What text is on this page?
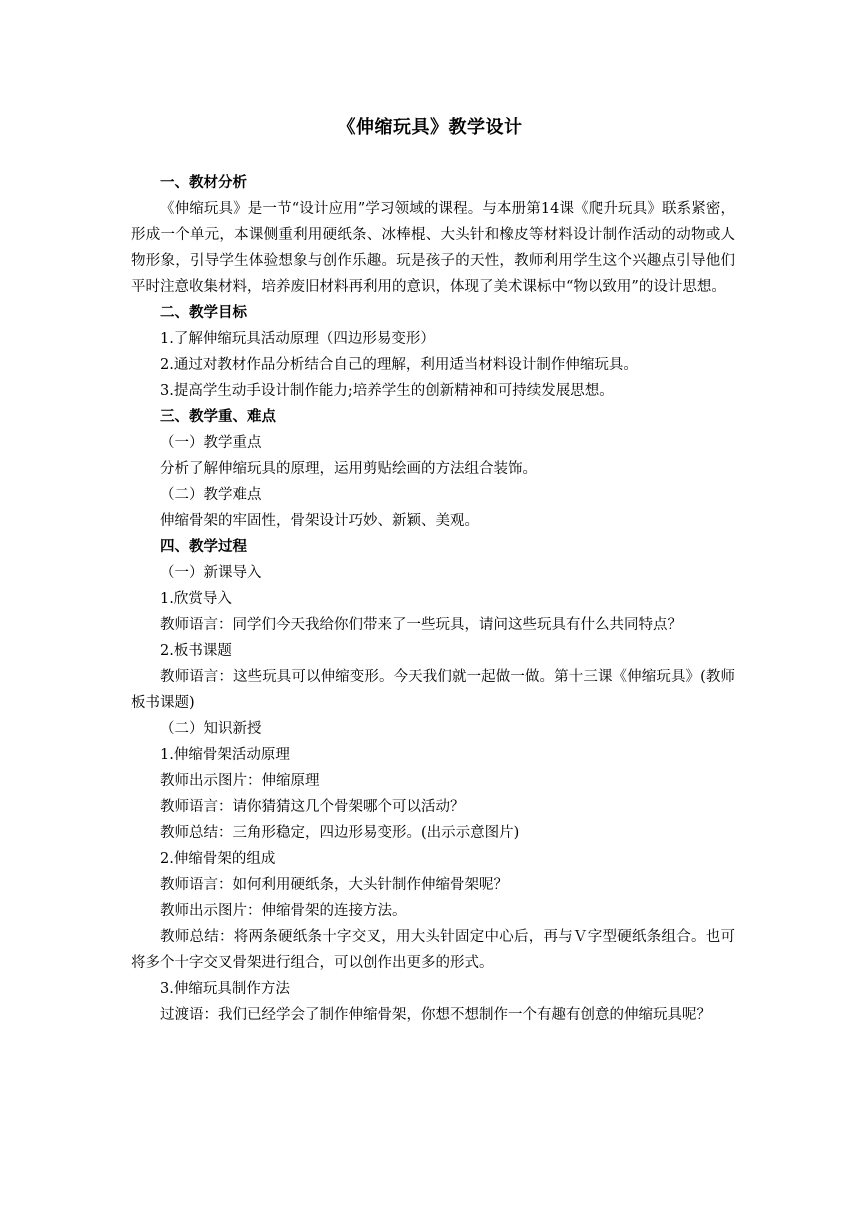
《伸缩玩具》教学设计

一、教材分析

《伸缩玩具》是一节“设计应用”学习领域的课程。与本册第14课《爬升玩具》联系紧密，形成一个单元，本课侧重利用硬纸条、冰棒棍、大头针和橡皮等材料设计制作活动的动物或人物形象，引导学生体验想象与创作乐趣。玩是孩子的天性，教师利用学生这个兴趣点引导他们平时注意收集材料，培养废旧材料再利用的意识，体现了美术课标中“物以致用”的设计思想。

二、教学目标

1.了解伸缩玩具活动原理（四边形易变形）

2.通过对教材作品分析结合自己的理解，利用适当材料设计制作伸缩玩具。

3.提高学生动手设计制作能力;培养学生的创新精神和可持续发展思想。

三、教学重、难点

（一）教学重点

分析了解伸缩玩具的原理，运用剪贴绘画的方法组合装饰。

（二）教学难点

伸缩骨架的牢固性，骨架设计巧妙、新颖、美观。

四、教学过程

（一）新课导入

1.欣赏导入

教师语言：同学们今天我给你们带来了一些玩具，请问这些玩具有什么共同特点？

2.板书课题

教师语言：这些玩具可以伸缩变形。今天我们就一起做一做。第十三课《伸缩玩具》(教师板书课题)

（二）知识新授

1.伸缩骨架活动原理

教师出示图片：伸缩原理

教师语言：请你猜猜这几个骨架哪个可以活动？

教师总结：三角形稳定，四边形易变形。(出示示意图片)

2.伸缩骨架的组成

教师语言：如何利用硬纸条，大头针制作伸缩骨架呢？

教师出示图片：伸缩骨架的连接方法。

教师总结：将两条硬纸条十字交叉，用大头针固定中心后，再与Ｖ字型硬纸条组合。也可将多个十字交叉骨架进行组合，可以创作出更多的形式。

3.伸缩玩具制作方法

过渡语：我们已经学会了制作伸缩骨架，你想不想制作一个有趣有创意的伸缩玩具呢？
